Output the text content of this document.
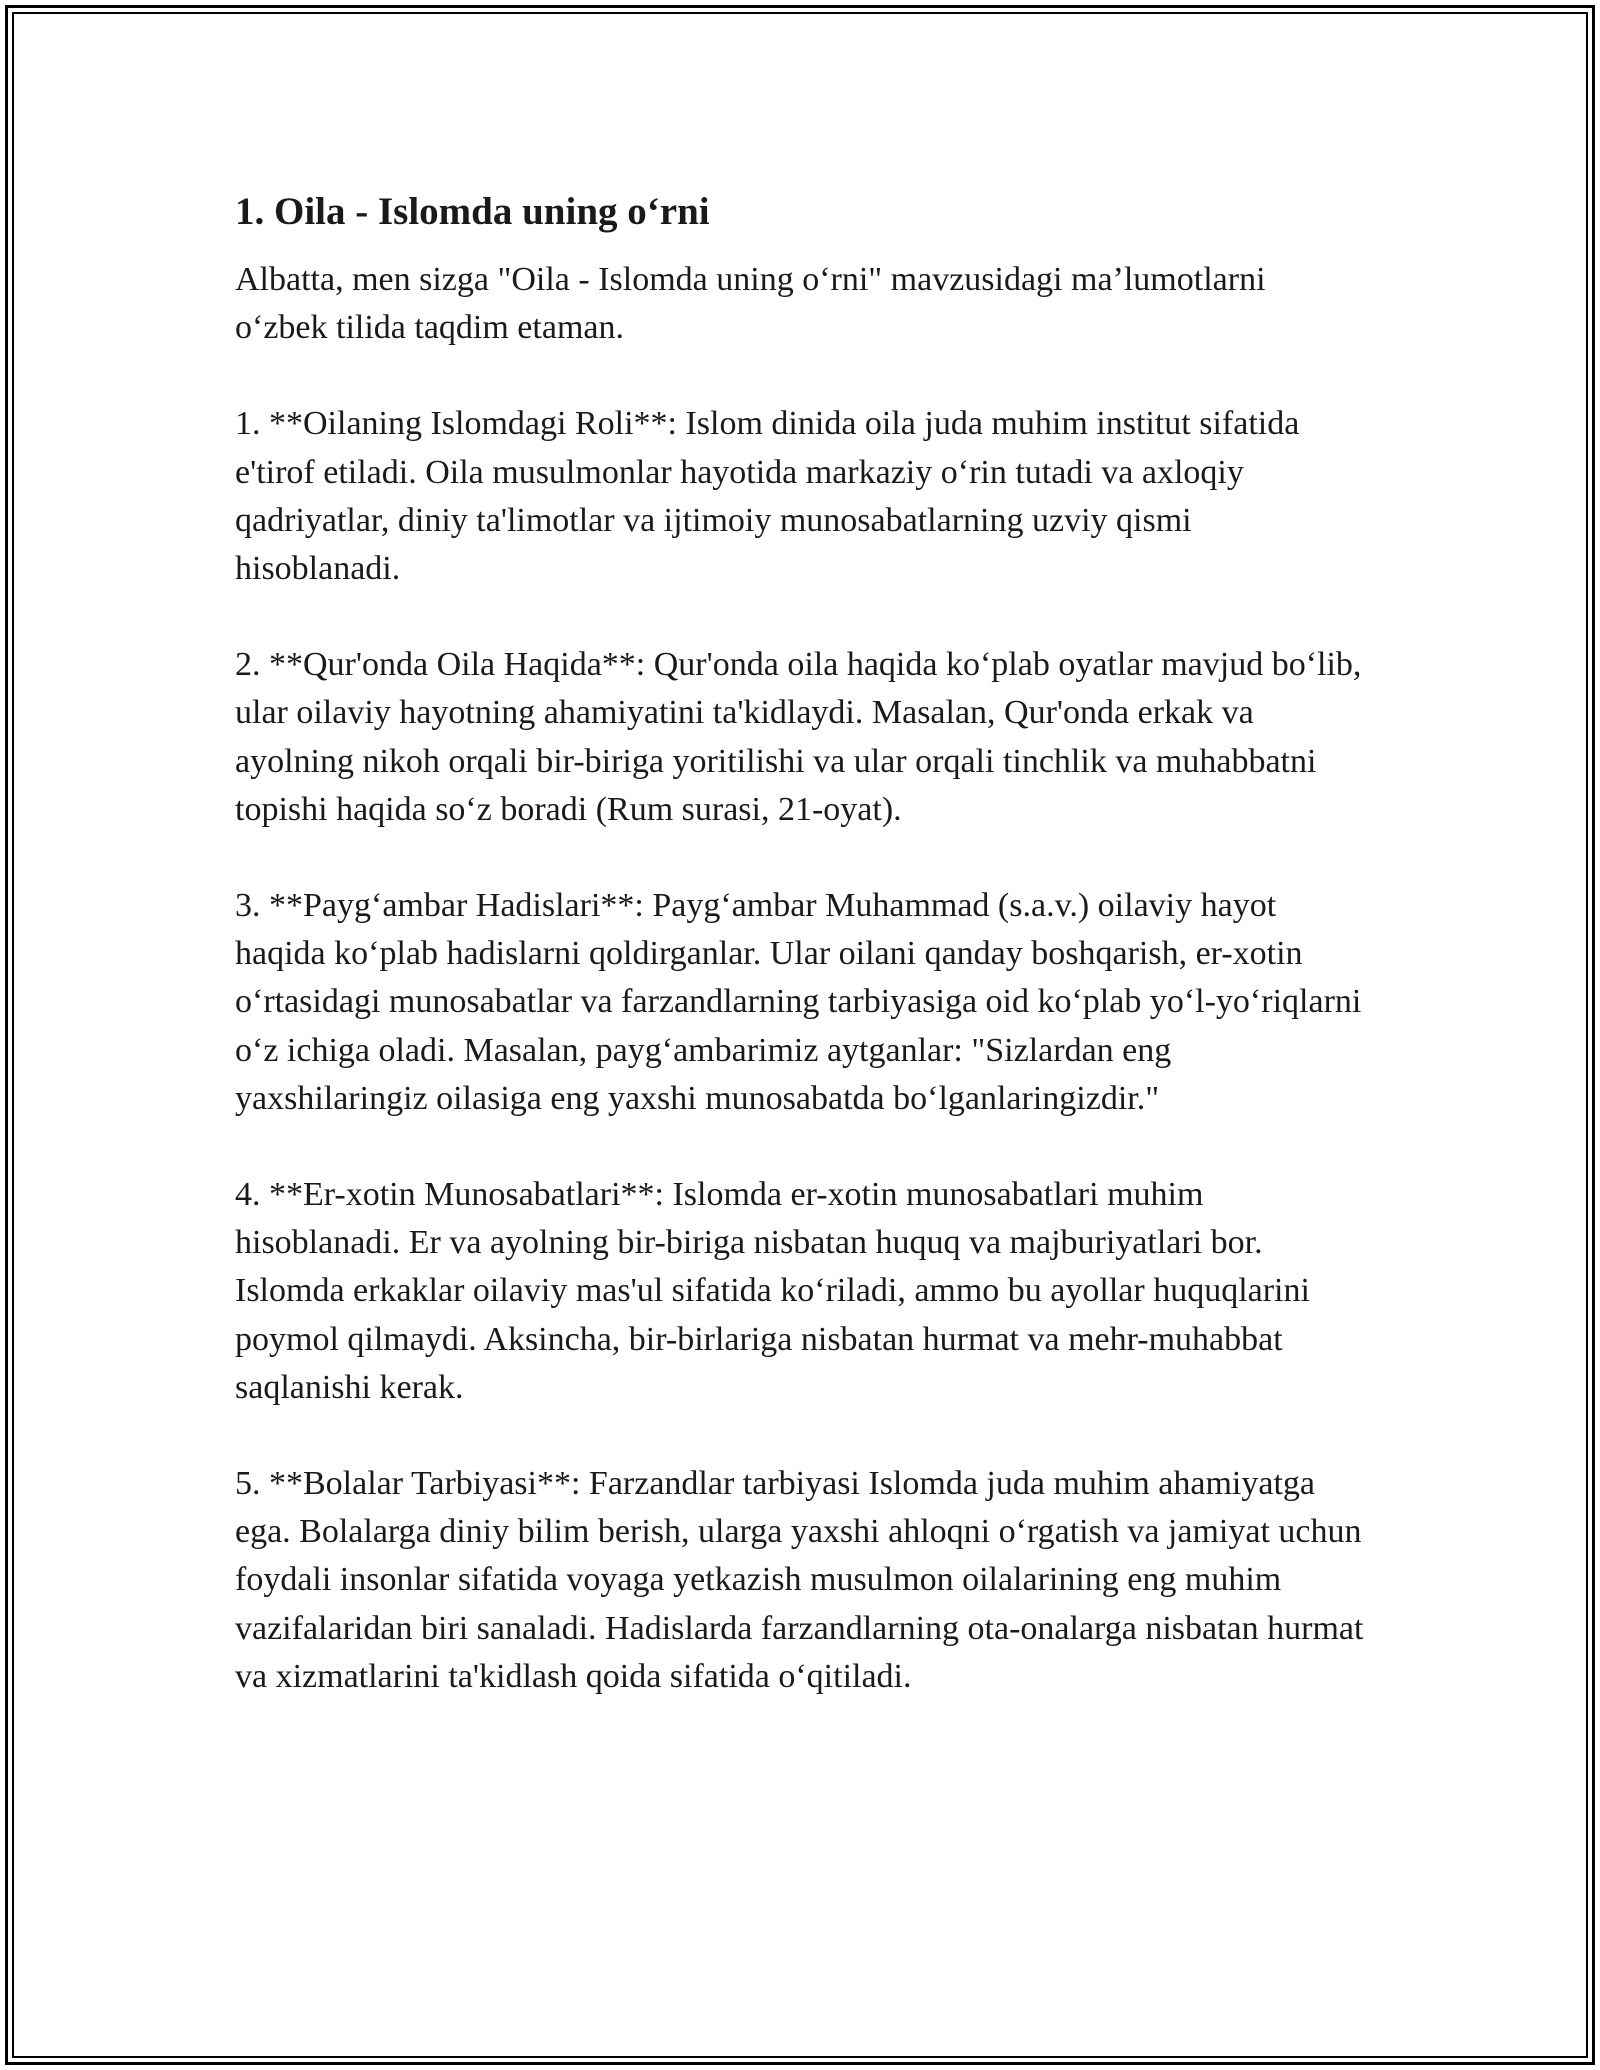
1. Oila - Islomda uning o‘rni

Albatta, men sizga "Oila - Islomda uning o‘rni" mavzusidagi ma’lumotlarni o‘zbek tilida taqdim etaman.

1. **Oilaning Islomdagi Roli**: Islom dinida oila juda muhim institut sifatida e'tirof etiladi. Oila musulmonlar hayotida markaziy o‘rin tutadi va axloqiy qadriyatlar, diniy ta'limotlar va ijtimoiy munosabatlarning uzviy qismi hisoblanadi.

2. **Qur'onda Oila Haqida**: Qur'onda oila haqida ko‘plab oyatlar mavjud bo‘lib, ular oilaviy hayotning ahamiyatini ta'kidlaydi. Masalan, Qur'onda erkak va ayolning nikoh orqali bir-biriga yoritilishi va ular orqali tinchlik va muhabbatni topishi haqida so‘z boradi (Rum surasi, 21-oyat).

3. **Payg‘ambar Hadislari**: Payg‘ambar Muhammad (s.a.v.) oilaviy hayot haqida ko‘plab hadislarni qoldirganlar. Ular oilani qanday boshqarish, er-xotin o‘rtasidagi munosabatlar va farzandlarning tarbiyasiga oid ko‘plab yo‘l-yo‘riqlarni o‘z ichiga oladi. Masalan, payg‘ambarimiz aytganlar: "Sizlardan eng yaxshilaringiz oilasiga eng yaxshi munosabatda bo‘lganlaringizdir."

4. **Er-xotin Munosabatlari**: Islomda er-xotin munosabatlari muhim hisoblanadi. Er va ayolning bir-biriga nisbatan huquq va majburiyatlari bor. Islomda erkaklar oilaviy mas'ul sifatida ko‘riladi, ammo bu ayollar huquqlarini poymol qilmaydi. Aksincha, bir-birlariga nisbatan hurmat va mehr-muhabbat saqlanishi kerak.

5. **Bolalar Tarbiyasi**: Farzandlar tarbiyasi Islomda juda muhim ahamiyatga ega. Bolalarga diniy bilim berish, ularga yaxshi ahloqni o‘rgatish va jamiyat uchun foydali insonlar sifatida voyaga yetkazish musulmon oilalarining eng muhim vazifalaridan biri sanaladi. Hadislarda farzandlarning ota-onalarga nisbatan hurmat va xizmatlarini ta'kidlash qoida sifatida o‘qitiladi.
